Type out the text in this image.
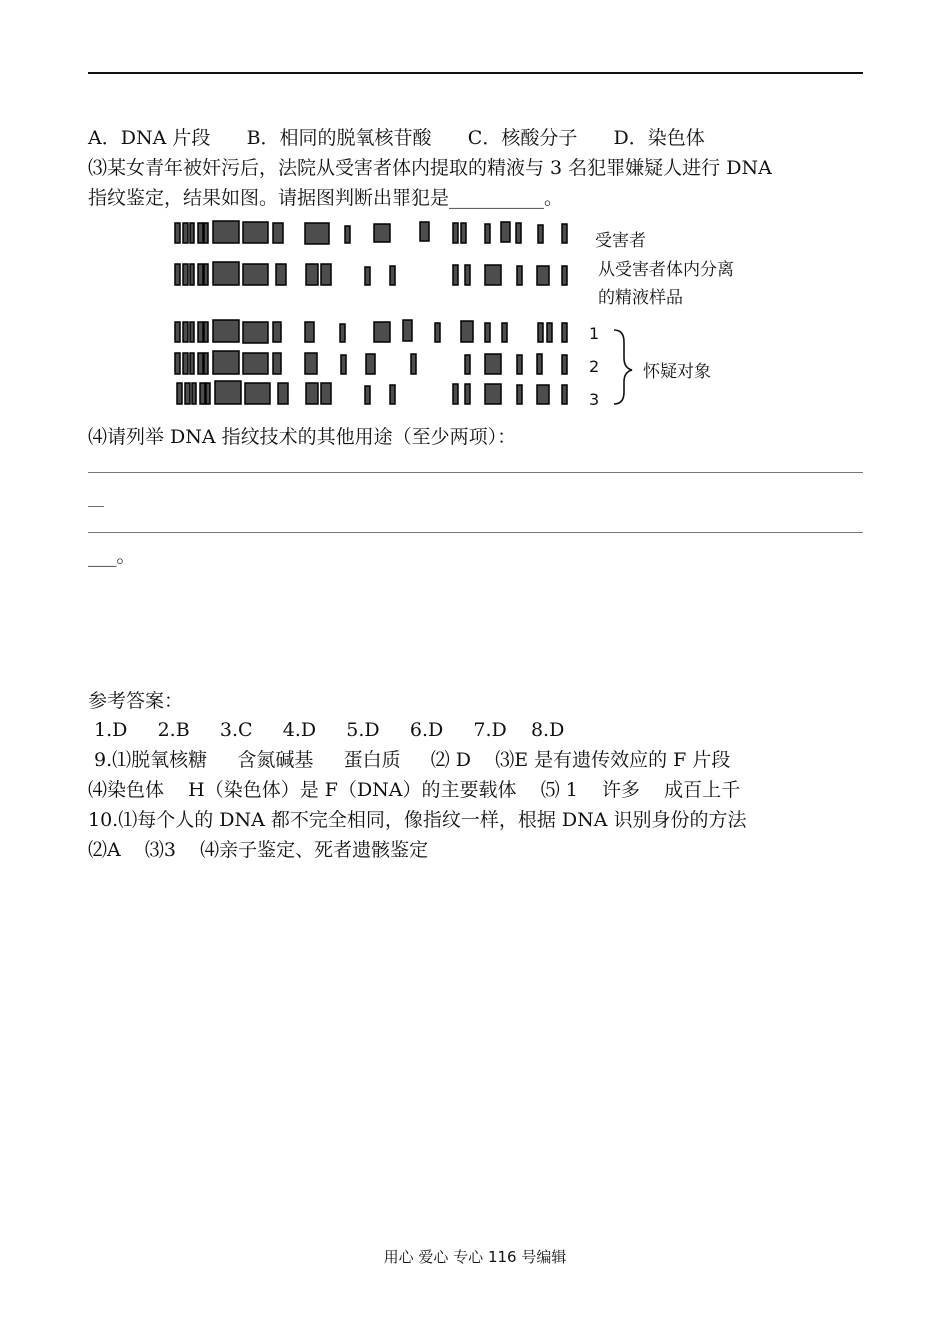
A．DNA 片段      B．相同的脱氧核苷酸      C．核酸分子      D．染色体
⑶某女青年被奸污后，法院从受害者体内提取的精液与 3 名犯罪嫌疑人进行 DNA
指纹鉴定，结果如图。请据图判断出罪犯是__________。
受害者
从受害者体内分离
的精液样品
1
2
3
怀疑对象
⑷请列举 DNA 指纹技术的其他用途（至少两项）：
__
___。
参考答案：
1.D     2.B     3.C     4.D     5.D     6.D     7.D    8.D
9.⑴脱氧核糖     含氮碱基     蛋白质     ⑵ D    ⑶E 是有遗传效应的 F 片段
⑷染色体    H（染色体）是 F（DNA）的主要载体    ⑸ 1    许多    成百上千
10.⑴每个人的 DNA 都不完全相同，像指纹一样，根据 DNA 识别身份的方法
⑵A    ⑶3    ⑷亲子鉴定、死者遗骸鉴定
用心 爱心 专心 116 号编辑
